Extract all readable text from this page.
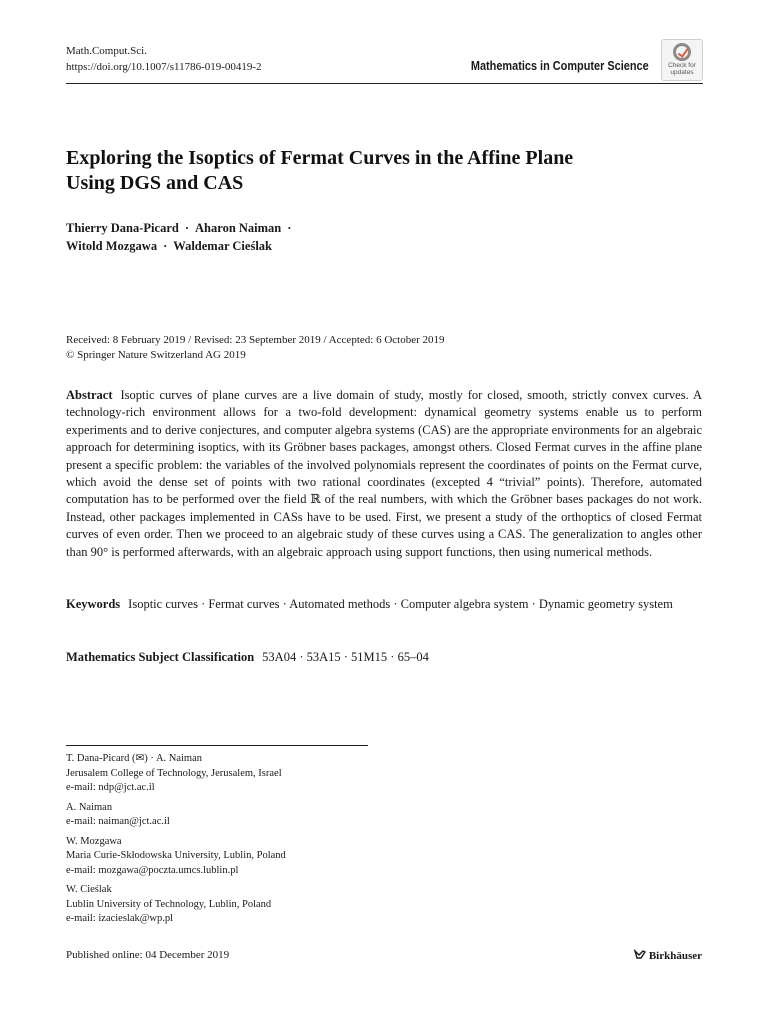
Math.Comput.Sci.
https://doi.org/10.1007/s11786-019-00419-2	Mathematics in Computer Science	Check for updates
Exploring the Isoptics of Fermat Curves in the Affine Plane
Using DGS and CAS
Thierry Dana-Picard · Aharon Naiman ·
Witold Mozgawa · Waldemar Cieślak
Received: 8 February 2019 / Revised: 23 September 2019 / Accepted: 6 October 2019
© Springer Nature Switzerland AG 2019
Abstract Isoptic curves of plane curves are a live domain of study, mostly for closed, smooth, strictly convex curves. A technology-rich environment allows for a two-fold development: dynamical geometry systems enable us to perform experiments and to derive conjectures, and computer algebra systems (CAS) are the appropriate environments for an algebraic approach for determining isoptics, with its Gröbner bases packages, amongst others. Closed Fermat curves in the affine plane present a specific problem: the variables of the involved polynomials represent the coordinates of points on the Fermat curve, which avoid the dense set of points with two rational coordinates (excepted 4 “trivial” points). Therefore, automated computation has to be performed over the field ℝ of the real numbers, with which the Gröbner bases packages do not work. Instead, other packages implemented in CASs have to be used. First, we present a study of the orthoptics of closed Fermat curves of even order. Then we proceed to an algebraic study of these curves using a CAS. The generalization to angles other than 90° is performed afterwards, with an algebraic approach using support functions, then using numerical methods.
Keywords Isoptic curves · Fermat curves · Automated methods · Computer algebra system · Dynamic geometry system
Mathematics Subject Classification 53A04 · 53A15 · 51M15 · 65–04
T. Dana-Picard (✉) · A. Naiman
Jerusalem College of Technology, Jerusalem, Israel
e-mail: ndp@jct.ac.il
A. Naiman
e-mail: naiman@jct.ac.il
W. Mozgawa
Maria Curie-Skłodowska University, Lublin, Poland
e-mail: mozgawa@poczta.umcs.lublin.pl
W. Cieślak
Lublin University of Technology, Lublin, Poland
e-mail: izacieslak@wp.pl
Published online: 04 December 2019	Birkhäuser
